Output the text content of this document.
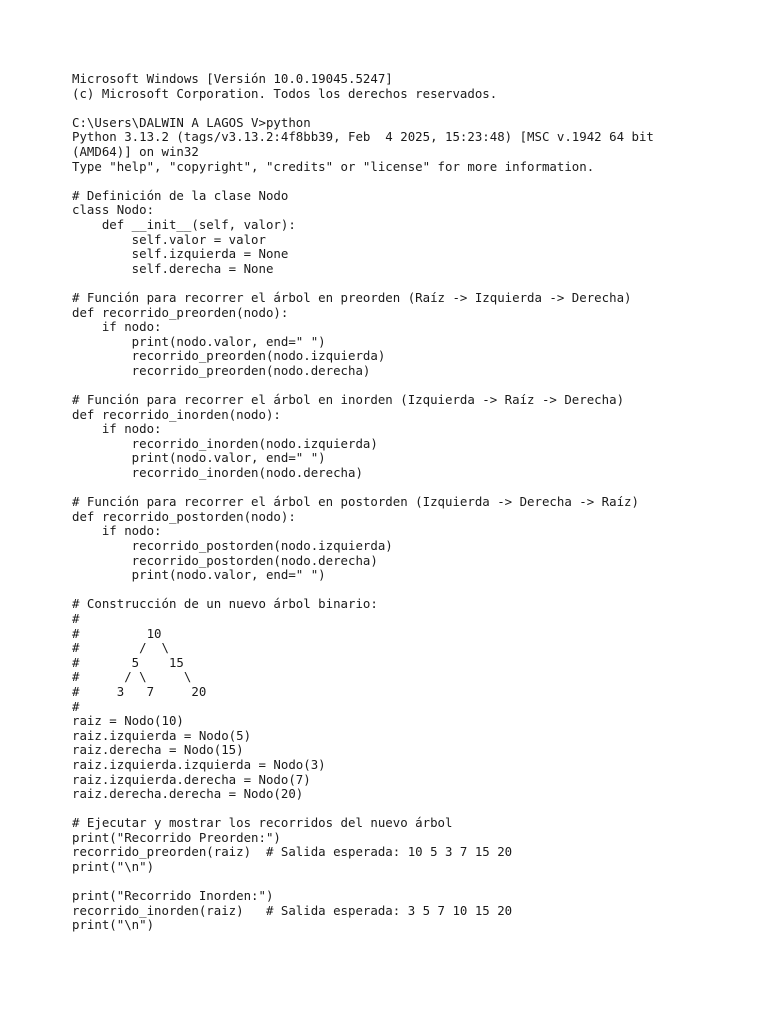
Microsoft Windows [Versión 10.0.19045.5247]
(c) Microsoft Corporation. Todos los derechos reservados.
C:\Users\DALWIN A LAGOS V>python
Python 3.13.2 (tags/v3.13.2:4f8bb39, Feb  4 2025, 15:23:48) [MSC v.1942 64 bit
(AMD64)] on win32
Type "help", "copyright", "credits" or "license" for more information.
# Definición de la clase Nodo
class Nodo:
def __init__(self, valor):
self.valor = valor
self.izquierda = None
self.derecha = None
# Función para recorrer el árbol en preorden (Raíz -> Izquierda -> Derecha)
def recorrido_preorden(nodo):
if nodo:
print(nodo.valor, end=" ")
recorrido_preorden(nodo.izquierda)
recorrido_preorden(nodo.derecha)
# Función para recorrer el árbol en inorden (Izquierda -> Raíz -> Derecha)
def recorrido_inorden(nodo):
if nodo:
recorrido_inorden(nodo.izquierda)
print(nodo.valor, end=" ")
recorrido_inorden(nodo.derecha)
# Función para recorrer el árbol en postorden (Izquierda -> Derecha -> Raíz)
def recorrido_postorden(nodo):
if nodo:
recorrido_postorden(nodo.izquierda)
recorrido_postorden(nodo.derecha)
print(nodo.valor, end=" ")
# Construcción de un nuevo árbol binario:
#
#         10
#        /  \
#       5    15
#      / \     \
#     3   7     20
#
raiz = Nodo(10)
raiz.izquierda = Nodo(5)
raiz.derecha = Nodo(15)
raiz.izquierda.izquierda = Nodo(3)
raiz.izquierda.derecha = Nodo(7)
raiz.derecha.derecha = Nodo(20)
# Ejecutar y mostrar los recorridos del nuevo árbol
print("Recorrido Preorden:")
recorrido_preorden(raiz)  # Salida esperada: 10 5 3 7 15 20
print("\n")
print("Recorrido Inorden:")
recorrido_inorden(raiz)   # Salida esperada: 3 5 7 10 15 20
print("\n")
